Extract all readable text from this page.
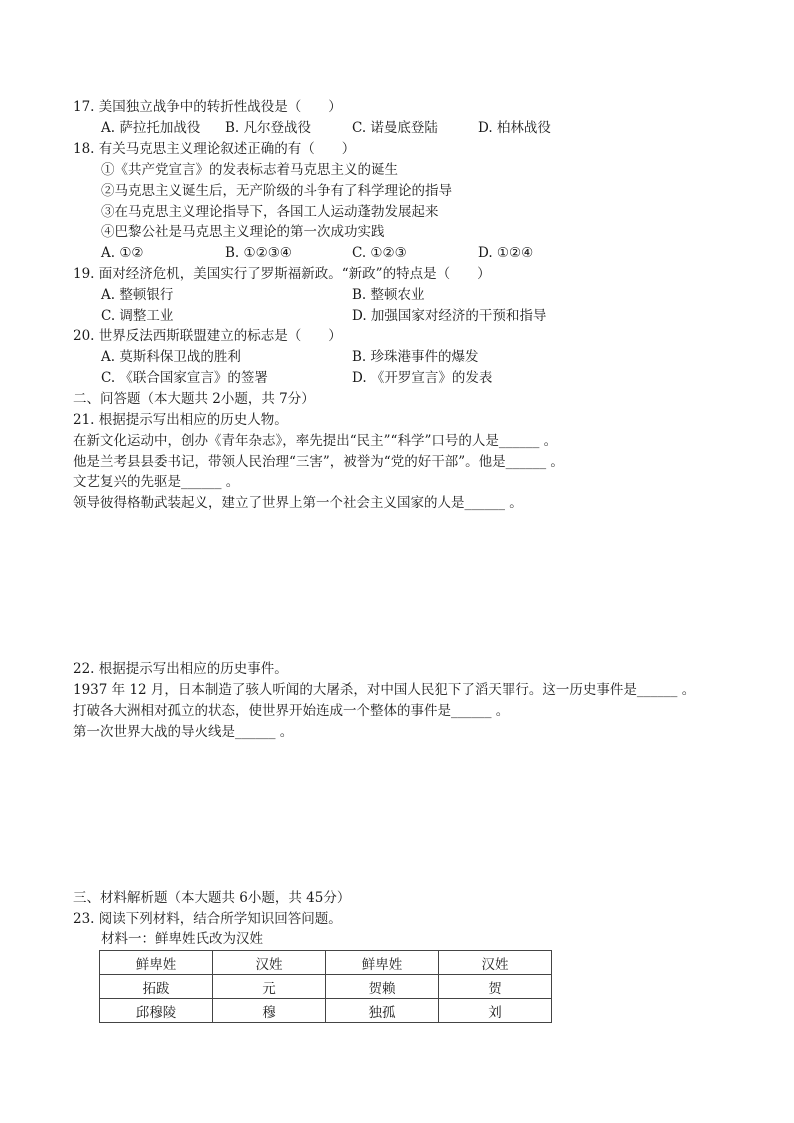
17. 美国独立战争中的转折性战役是（　　）
A. 萨拉托加战役 B. 凡尔登战役	C. 诺曼底登陆	D. 柏林战役
18. 有关马克思主义理论叙述正确的有（　　）
①《共产党宣言》的发表标志着马克思主义的诞生
②马克思主义诞生后，无产阶级的斗争有了科学理论的指导
③在马克思主义理论指导下，各国工人运动蓬勃发展起来
④巴黎公社是马克思主义理论的第一次成功实践
A. ①②	B. ①②③④	C. ①②③	D. ①②④
19. 面对经济危机，美国实行了罗斯福新政。“新政”的特点是（　　）
A. 整顿银行	B. 整顿农业
C. 调整工业	D. 加强国家对经济的干预和指导
20. 世界反法西斯联盟建立的标志是（　　）
A. 莫斯科保卫战的胜利	B. 珍珠港事件的爆发
C. 《联合国家宣言》的签署	D. 《开罗宣言》的发表
二、问答题（本大题共 2小题，共 7分）
21. 根据提示写出相应的历史人物。
在新文化运动中，创办《青年杂志》，率先提出“民主”“科学”口号的人是______ 。
他是兰考县县委书记，带领人民治理“三害”，被誉为“党的好干部”。他是______ 。
文艺复兴的先驱是______ 。
领导彼得格勒武装起义，建立了世界上第一个社会主义国家的人是______ 。
22. 根据提示写出相应的历史事件。
1937 年 12 月，日本制造了骇人听闻的大屠杀，对中国人民犯下了滔天罪行。这一历史事件是______ 。
打破各大洲相对孤立的状态，使世界开始连成一个整体的事件是______ 。
第一次世界大战的导火线是______ 。
三、材料解析题（本大题共 6小题，共 45分）
23. 阅读下列材料，结合所学知识回答问题。
材料一：鲜卑姓氏改为汉姓
鲜卑姓	汉姓	鲜卑姓	汉姓
拓跋	元	贺赖	贺
邱穆陵	穆	独孤	刘
